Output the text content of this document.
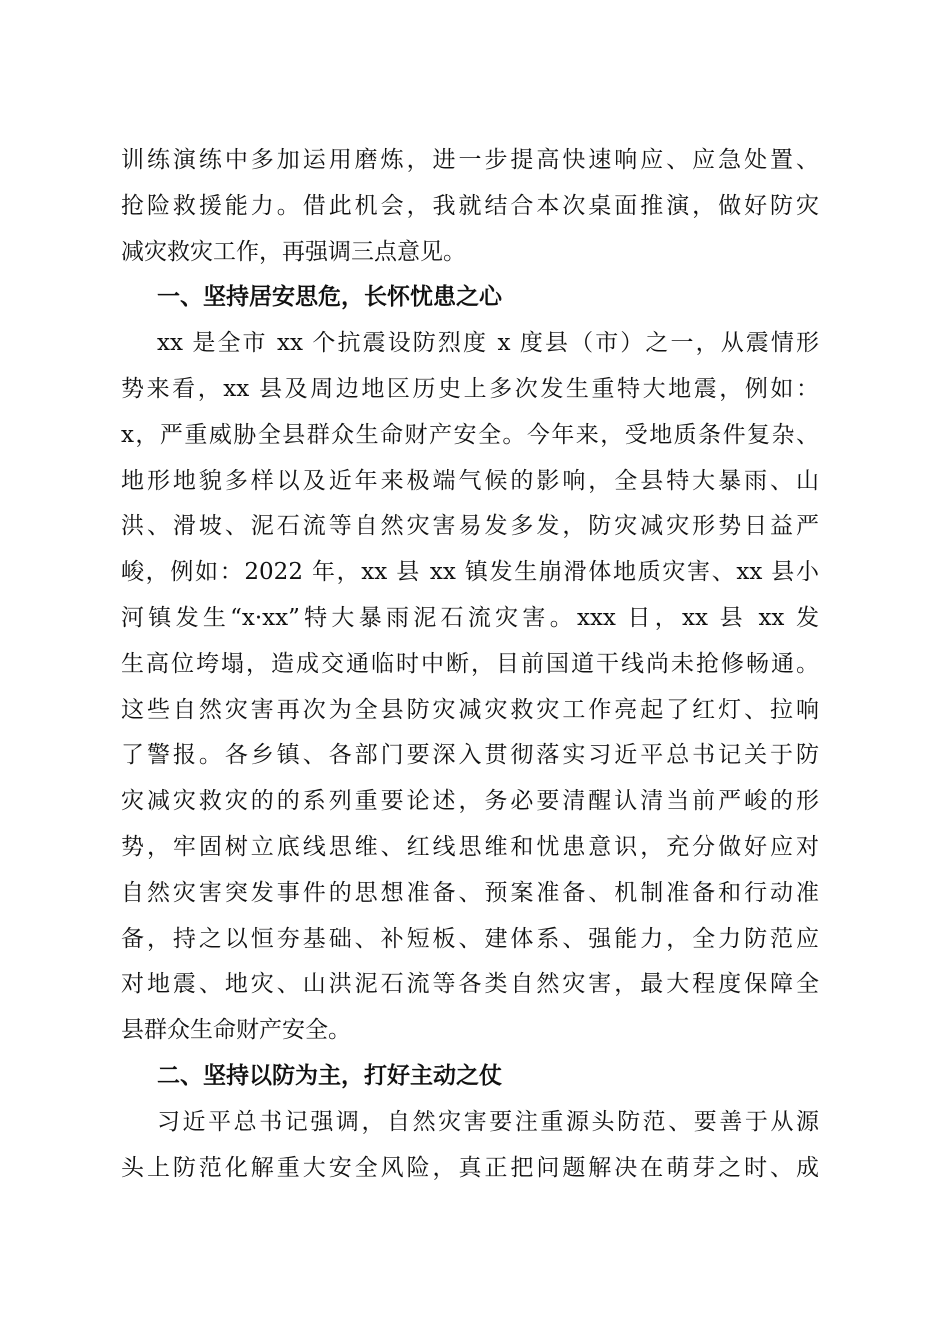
训练演练中多加运用磨炼，进一步提高快速响应、应急处置、
抢险救援能力。借此机会，我就结合本次桌面推演，做好防灾
减灾救灾工作，再强调三点意见。
一、坚持居安思危，长怀忧患之心
xx 是全市 xx 个抗震设防烈度 x 度县（市）之一，从震情形
势来看，xx 县及周边地区历史上多次发生重特大地震，例如：
x，严重威胁全县群众生命财产安全。今年来，受地质条件复杂、
地形地貌多样以及近年来极端气候的影响，全县特大暴雨、山
洪、滑坡、泥石流等自然灾害易发多发，防灾减灾形势日益严
峻，例如：2022 年，xx 县 xx 镇发生崩滑体地质灾害、xx 县小
河镇发生“x·xx”特大暴雨泥石流灾害。xxx 日，xx 县 xx 发
生高位垮塌，造成交通临时中断，目前国道干线尚未抢修畅通。
这些自然灾害再次为全县防灾减灾救灾工作亮起了红灯、拉响
了警报。各乡镇、各部门要深入贯彻落实习近平总书记关于防
灾减灾救灾的的系列重要论述，务必要清醒认清当前严峻的形
势，牢固树立底线思维、红线思维和忧患意识，充分做好应对
自然灾害突发事件的思想准备、预案准备、机制准备和行动准
备，持之以恒夯基础、补短板、建体系、强能力，全力防范应
对地震、地灾、山洪泥石流等各类自然灾害，最大程度保障全
县群众生命财产安全。
二、坚持以防为主，打好主动之仗
习近平总书记强调，自然灾害要注重源头防范、要善于从源
头上防范化解重大安全风险，真正把问题解决在萌芽之时、成
